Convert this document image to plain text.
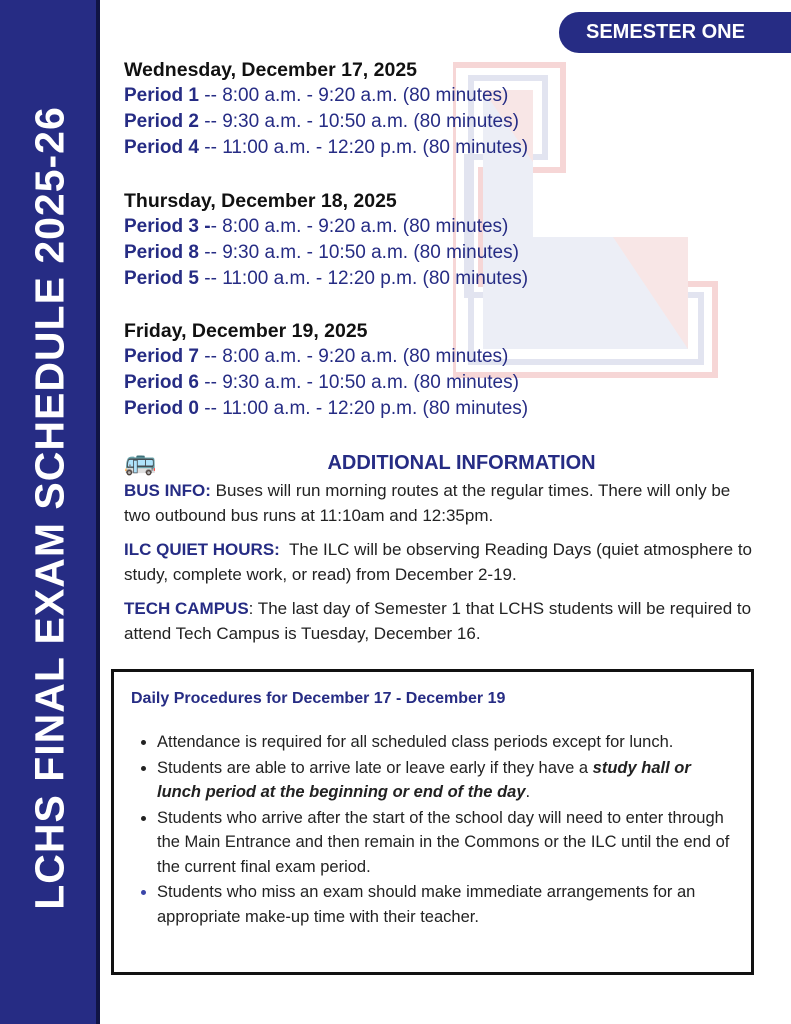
LCHS FINAL EXAM SCHEDULE 2025-26
SEMESTER ONE
Wednesday, December 17, 2025
Period 1 -- 8:00 a.m. - 9:20 a.m. (80 minutes)
Period 2 -- 9:30 a.m. - 10:50 a.m. (80 minutes)
Period 4 -- 11:00 a.m. - 12:20 p.m. (80 minutes)
Thursday, December 18, 2025
Period 3 -- 8:00 a.m. - 9:20 a.m. (80 minutes)
Period 8 -- 9:30 a.m. - 10:50 a.m. (80 minutes)
Period 5 -- 11:00 a.m. - 12:20 p.m. (80 minutes)
Friday, December 19, 2025
Period 7 -- 8:00 a.m. - 9:20 a.m. (80 minutes)
Period 6 -- 9:30 a.m. - 10:50 a.m. (80 minutes)
Period 0 -- 11:00 a.m. - 12:20 p.m. (80 minutes)
🚌	ADDITIONAL INFORMATION

BUS INFO: Buses will run morning routes at the regular times. There will only be two outbound bus runs at 11:10am and 12:35pm.

ILC QUIET HOURS:  The ILC will be observing Reading Days (quiet atmosphere to study, complete work, or read) from December 2-19.

TECH CAMPUS: The last day of Semester 1 that LCHS students will be required to attend Tech Campus is Tuesday, December 16.

Daily Procedures for December 17 - December 19
• Attendance is required for all scheduled class periods except for lunch.
• Students are able to arrive late or leave early if they have a study hall or lunch period at the beginning or end of the day.
• Students who arrive after the start of the school day will need to enter through the Main Entrance and then remain in the Commons or the ILC until the end of the current final exam period.
• Students who miss an exam should make immediate arrangements for an appropriate make-up time with their teacher.
